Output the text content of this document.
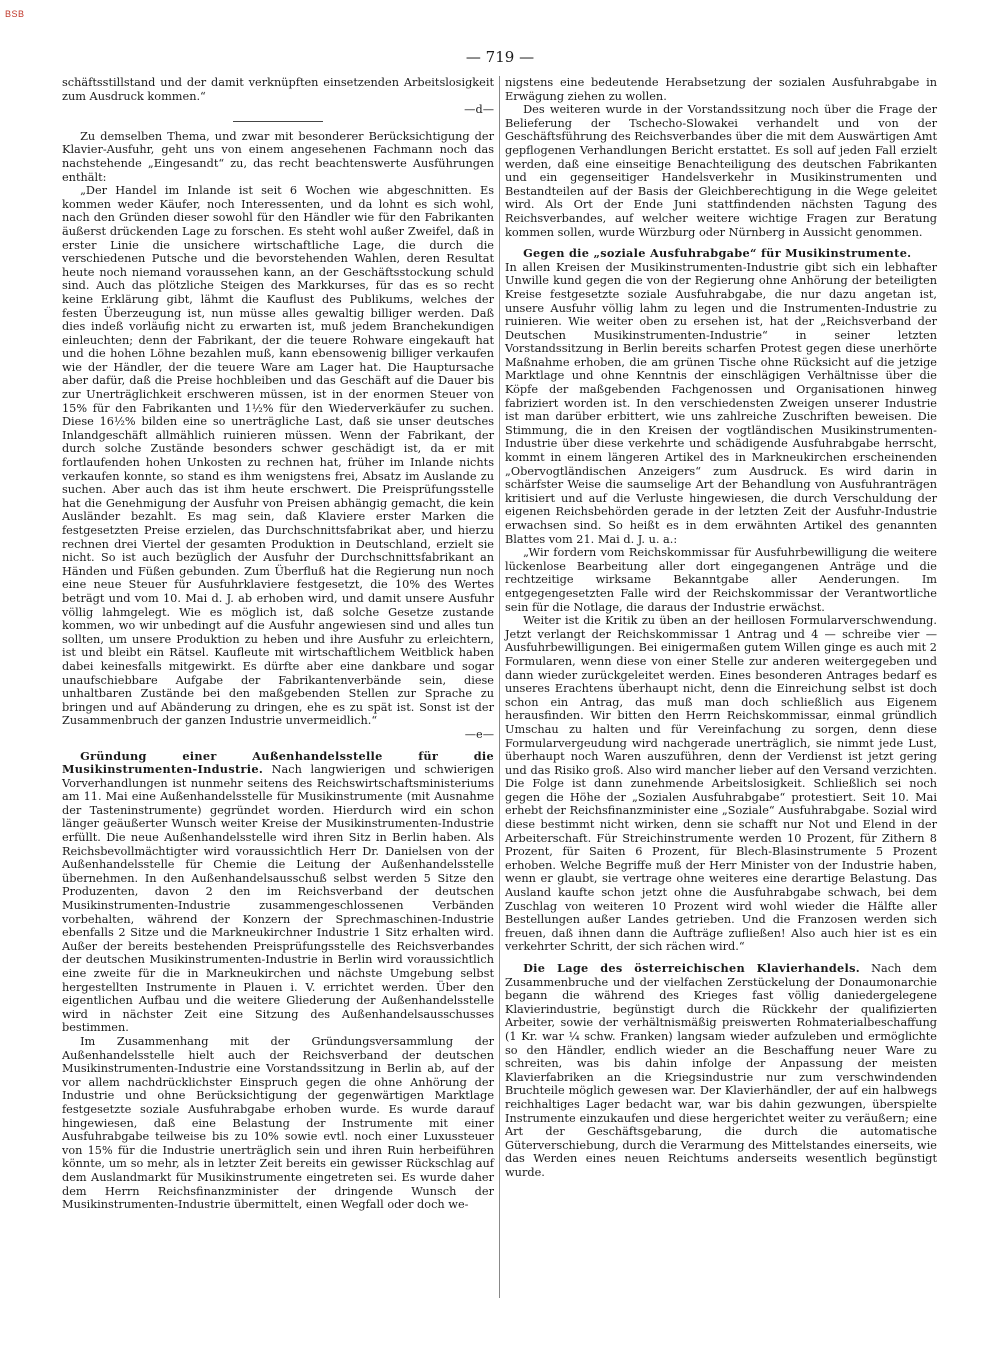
BSB
— 719 —

schäftsstillstand und der damit verknüpften einsetzenden Arbeitslosigkeit zum Ausdruck kommen.“

—d—

Zu demselben Thema, und zwar mit besonderer Berücksichtigung der Klavier-Ausfuhr, geht uns von einem angesehenen Fachmann noch das nachstehende „Eingesandt“ zu, das recht beachtenswerte Ausführungen enthält:

„Der Handel im Inlande ist seit 6 Wochen wie abgeschnitten. Es kommen weder Käufer, noch Interessenten, und da lohnt es sich wohl, nach den Gründen dieser sowohl für den Händler wie für den Fabrikanten äußerst drückenden Lage zu forschen. Es steht wohl außer Zweifel, daß in erster Linie die unsichere wirtschaftliche Lage, die durch die verschiedenen Putsche und die bevorstehenden Wahlen, deren Resultat heute noch niemand voraussehen kann, an der Geschäftsstockung schuld sind. Auch das plötzliche Steigen des Markkurses, für das es so recht keine Erklärung gibt, lähmt die Kauflust des Publikums, welches der festen Überzeugung ist, nun müsse alles gewaltig billiger werden. Daß dies indeß vorläufig nicht zu erwarten ist, muß jedem Branchekundigen einleuchten; denn der Fabrikant, der die teuere Rohware eingekauft hat und die hohen Löhne bezahlen muß, kann ebensowenig billiger verkaufen wie der Händler, der die teuere Ware am Lager hat. Die Hauptursache aber dafür, daß die Preise hochbleiben und das Geschäft auf die Dauer bis zur Unerträglichkeit erschweren müssen, ist in der enormen Steuer von 15% für den Fabrikanten und 1½% für den Wiederverkäufer zu suchen. Diese 16½% bilden eine so unerträgliche Last, daß sie unser deutsches Inlandgeschäft allmählich ruinieren müssen. Wenn der Fabrikant, der durch solche Zustände besonders schwer geschädigt ist, da er mit fortlaufenden hohen Unkosten zu rechnen hat, früher im Inlande nichts verkaufen konnte, so stand es ihm wenigstens frei, Absatz im Auslande zu suchen. Aber auch das ist ihm heute erschwert. Die Preisprüfungsstelle hat die Genehmigung der Ausfuhr von Preisen abhängig gemacht, die kein Ausländer bezahlt. Es mag sein, daß Klaviere erster Marken die festgesetzten Preise erzielen, das Durchschnittsfabrikat aber, und hierzu rechnen drei Viertel der gesamten Produktion in Deutschland, erzielt sie nicht. So ist auch bezüglich der Ausfuhr der Durchschnittsfabrikant an Händen und Füßen gebunden. Zum Überfluß hat die Regierung nun noch eine neue Steuer für Ausfuhrklaviere festgesetzt, die 10% des Wertes beträgt und vom 10. Mai d. J. ab erhoben wird, und damit unsere Ausfuhr völlig lahmgelegt. Wie es möglich ist, daß solche Gesetze zustande kommen, wo wir unbedingt auf die Ausfuhr angewiesen sind und alles tun sollten, um unsere Produktion zu heben und ihre Ausfuhr zu erleichtern, ist und bleibt ein Rätsel. Kaufleute mit wirtschaftlichem Weitblick haben dabei keinesfalls mitgewirkt. Es dürfte aber eine dankbare und sogar unaufschiebbare Aufgabe der Fabrikantenverbände sein, diese unhaltbaren Zustände bei den maßgebenden Stellen zur Sprache zu bringen und auf Abänderung zu dringen, ehe es zu spät ist. Sonst ist der Zusammenbruch der ganzen Industrie unvermeidlich.“

—e—

Gründung einer Außenhandelsstelle für die Musikinstrumenten-Industrie. Nach langwierigen und schwierigen Vorverhandlungen ist nunmehr seitens des Reichswirtschaftsministeriums am 11. Mai eine Außenhandelsstelle für Musikinstrumente (mit Ausnahme der Tasteninstrumente) gegründet worden. Hierdurch wird ein schon länger geäußerter Wunsch weiter Kreise der Musikinstrumenten-Industrie erfüllt. Die neue Außenhandelsstelle wird ihren Sitz in Berlin haben. Als Reichsbevollmächtigter wird voraussichtlich Herr Dr. Danielsen von der Außenhandelsstelle für Chemie die Leitung der Außenhandelsstelle übernehmen. In den Außenhandelsausschuß selbst werden 5 Sitze den Produzenten, davon 2 den im Reichsverband der deutschen Musikinstrumenten-Industrie zusammengeschlossenen Verbänden vorbehalten, während der Konzern der Sprechmaschinen-Industrie ebenfalls 2 Sitze und die Markneukirchner Industrie 1 Sitz erhalten wird. Außer der bereits bestehenden Preisprüfungsstelle des Reichsverbandes der deutschen Musikinstrumenten-Industrie in Berlin wird voraussichtlich eine zweite für die in Markneukirchen und nächste Umgebung selbst hergestellten Instrumente in Plauen i. V. errichtet werden. Über den eigentlichen Aufbau und die weitere Gliederung der Außenhandelsstelle wird in nächster Zeit eine Sitzung des Außenhandelsausschusses bestimmen.

Im Zusammenhang mit der Gründungsversammlung der Außenhandelsstelle hielt auch der Reichsverband der deutschen Musikinstrumenten-Industrie eine Vorstandssitzung in Berlin ab, auf der vor allem nachdrücklichster Einspruch gegen die ohne Anhörung der Industrie und ohne Berücksichtigung der gegenwärtigen Marktlage festgesetzte soziale Ausfuhrabgabe erhoben wurde. Es wurde darauf hingewiesen, daß eine Belastung der Instrumente mit einer Ausfuhrabgabe teilweise bis zu 10% sowie evtl. noch einer Luxussteuer von 15% für die Industrie unerträglich sein und ihren Ruin herbeiführen könnte, um so mehr, als in letzter Zeit bereits ein gewisser Rückschlag auf dem Auslandmarkt für Musikinstrumente eingetreten sei. Es wurde daher dem Herrn Reichsfinanzminister der dringende Wunsch der Musikinstrumenten-Industrie übermittelt, einen Wegfall oder doch we-

nigstens eine bedeutende Herabsetzung der sozialen Ausfuhrabgabe in Erwägung ziehen zu wollen.

Des weiteren wurde in der Vorstandssitzung noch über die Frage der Belieferung der Tschecho-Slowakei verhandelt und von der Geschäftsführung des Reichsverbandes über die mit dem Auswärtigen Amt gepflogenen Verhandlungen Bericht erstattet. Es soll auf jeden Fall erzielt werden, daß eine einseitige Benachteiligung des deutschen Fabrikanten und ein gegenseitiger Handelsverkehr in Musikinstrumenten und Bestandteilen auf der Basis der Gleichberechtigung in die Wege geleitet wird. Als Ort der Ende Juni stattfindenden nächsten Tagung des Reichsverbandes, auf welcher weitere wichtige Fragen zur Beratung kommen sollen, wurde Würzburg oder Nürnberg in Aussicht genommen.

Gegen die „soziale Ausfuhrabgabe“ für Musikinstrumente.

In allen Kreisen der Musikinstrumenten-Industrie gibt sich ein lebhafter Unwille kund gegen die von der Regierung ohne Anhörung der beteiligten Kreise festgesetzte soziale Ausfuhrabgabe, die nur dazu angetan ist, unsere Ausfuhr völlig lahm zu legen und die Instrumenten-Industrie zu ruinieren. Wie weiter oben zu ersehen ist, hat der „Reichsverband der Deutschen Musikinstrumenten-Industrie“ in seiner letzten Vorstandssitzung in Berlin bereits scharfen Protest gegen diese unerhörte Maßnahme erhoben, die am grünen Tische ohne Rücksicht auf die jetzige Marktlage und ohne Kenntnis der einschlägigen Verhältnisse über die Köpfe der maßgebenden Fachgenossen und Organisationen hinweg fabriziert worden ist. In den verschiedensten Zweigen unserer Industrie ist man darüber erbittert, wie uns zahlreiche Zuschriften beweisen. Die Stimmung, die in den Kreisen der vogtländischen Musikinstrumenten-Industrie über diese verkehrte und schädigende Ausfuhrabgabe herrscht, kommt in einem längeren Artikel des in Markneukirchen erscheinenden „Obervogtländischen Anzeigers“ zum Ausdruck. Es wird darin in schärfster Weise die saumselige Art der Behandlung von Ausfuhranträgen kritisiert und auf die Verluste hingewiesen, die durch Verschuldung der eigenen Reichsbehörden gerade in der letzten Zeit der Ausfuhr-Industrie erwachsen sind. So heißt es in dem erwähnten Artikel des genannten Blattes vom 21. Mai d. J. u. a.:

„Wir fordern vom Reichskommissar für Ausfuhrbewilligung die weitere lückenlose Bearbeitung aller dort eingegangenen Anträge und die rechtzeitige wirksame Bekanntgabe aller Aenderungen. Im entgegengesetzten Falle wird der Reichskommissar der Verantwortliche sein für die Notlage, die daraus der Industrie erwächst.

Weiter ist die Kritik zu üben an der heillosen Formularverschwendung. Jetzt verlangt der Reichskommissar 1 Antrag und 4 — schreibe vier — Ausfuhrbewilligungen. Bei einigermaßen gutem Willen ginge es auch mit 2 Formularen, wenn diese von einer Stelle zur anderen weitergegeben und dann wieder zurückgeleitet werden. Eines besonderen Antrages bedarf es unseres Erachtens überhaupt nicht, denn die Einreichung selbst ist doch schon ein Antrag, das muß man doch schließlich aus Eigenem herausfinden. Wir bitten den Herrn Reichskommissar, einmal gründlich Umschau zu halten und für Vereinfachung zu sorgen, denn diese Formularvergeudung wird nachgerade unerträglich, sie nimmt jede Lust, überhaupt noch Waren auszuführen, denn der Verdienst ist jetzt gering und das Risiko groß. Also wird mancher lieber auf den Versand verzichten. Die Folge ist dann zunehmende Arbeitslosigkeit. Schließlich sei noch gegen die Höhe der „Sozialen Ausfuhrabgabe“ protestiert. Seit 10. Mai erhebt der Reichsfinanzminister eine „Soziale“ Ausfuhrabgabe. Sozial wird diese bestimmt nicht wirken, denn sie schafft nur Not und Elend in der Arbeiterschaft. Für Streichinstrumente werden 10 Prozent, für Zithern 8 Prozent, für Saiten 6 Prozent, für Blech-Blasinstrumente 5 Prozent erhoben. Welche Begriffe muß der Herr Minister von der Industrie haben, wenn er glaubt, sie vertrage ohne weiteres eine derartige Belastung. Das Ausland kaufte schon jetzt ohne die Ausfuhrabgabe schwach, bei dem Zuschlag von weiteren 10 Prozent wird wohl wieder die Hälfte aller Bestellungen außer Landes getrieben. Und die Franzosen werden sich freuen, daß ihnen dann die Aufträge zufließen! Also auch hier ist es ein verkehrter Schritt, der sich rächen wird.“

Die Lage des österreichischen Klavierhandels. Nach dem Zusammenbruche und der vielfachen Zerstückelung der Donaumonarchie begann die während des Krieges fast völlig daniedergelegene Klavierindustrie, begünstigt durch die Rückkehr der qualifizierten Arbeiter, sowie der verhältnismäßig preiswerten Rohmaterialbeschaffung (1 Kr. war ¼ schw. Franken) langsam wieder aufzuleben und ermöglichte so den Händler, endlich wieder an die Beschaffung neuer Ware zu schreiten, was bis dahin infolge der Anpassung der meisten Klavierfabriken an die Kriegsindustrie nur zum verschwindenden Bruchteile möglich gewesen war. Der Klavierhändler, der auf ein halbwegs reichhaltiges Lager bedacht war, war bis dahin gezwungen, überspielte Instrumente einzukaufen und diese hergerichtet weiter zu veräußern; eine Art der Geschäftsgebarung, die durch die automatische Güterverschiebung, durch die Verarmung des Mittelstandes einerseits, wie das Werden eines neuen Reichtums anderseits wesentlich begünstigt wurde.
